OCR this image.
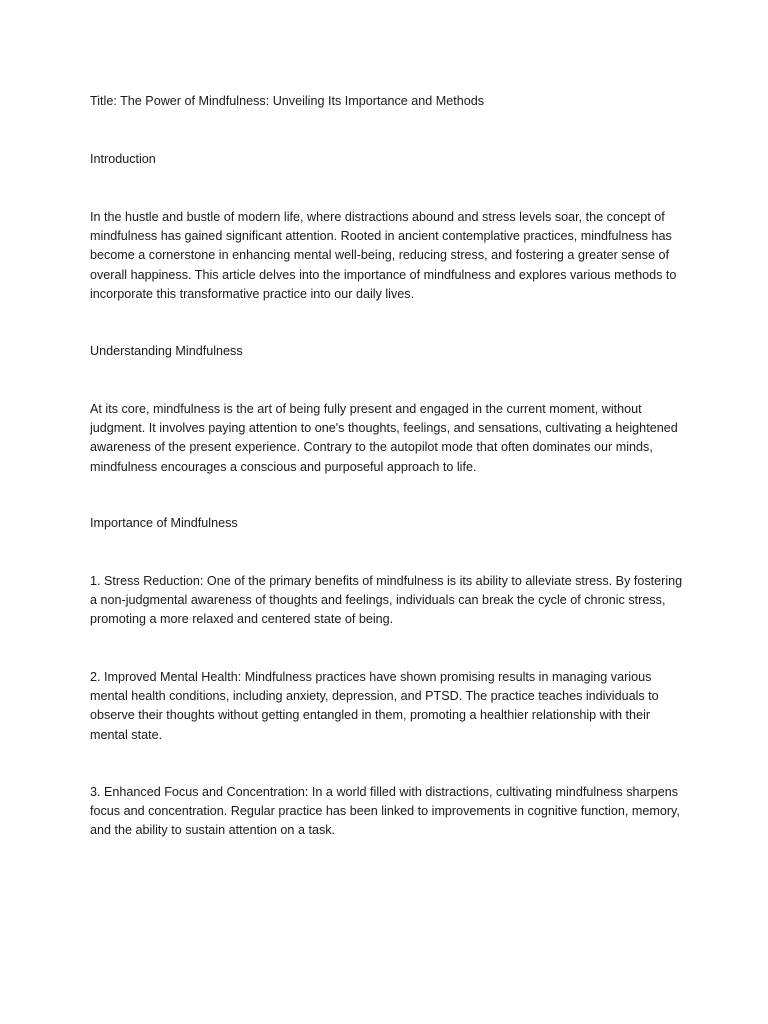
Title: The Power of Mindfulness: Unveiling Its Importance and Methods

Introduction

In the hustle and bustle of modern life, where distractions abound and stress levels soar, the concept of mindfulness has gained significant attention. Rooted in ancient contemplative practices, mindfulness has become a cornerstone in enhancing mental well-being, reducing stress, and fostering a greater sense of overall happiness. This article delves into the importance of mindfulness and explores various methods to incorporate this transformative practice into our daily lives.

Understanding Mindfulness

At its core, mindfulness is the art of being fully present and engaged in the current moment, without judgment. It involves paying attention to one's thoughts, feelings, and sensations, cultivating a heightened awareness of the present experience. Contrary to the autopilot mode that often dominates our minds, mindfulness encourages a conscious and purposeful approach to life.

Importance of Mindfulness

1. Stress Reduction: One of the primary benefits of mindfulness is its ability to alleviate stress. By fostering a non-judgmental awareness of thoughts and feelings, individuals can break the cycle of chronic stress, promoting a more relaxed and centered state of being.

2. Improved Mental Health: Mindfulness practices have shown promising results in managing various mental health conditions, including anxiety, depression, and PTSD. The practice teaches individuals to observe their thoughts without getting entangled in them, promoting a healthier relationship with their mental state.

3. Enhanced Focus and Concentration: In a world filled with distractions, cultivating mindfulness sharpens focus and concentration. Regular practice has been linked to improvements in cognitive function, memory, and the ability to sustain attention on a task.
